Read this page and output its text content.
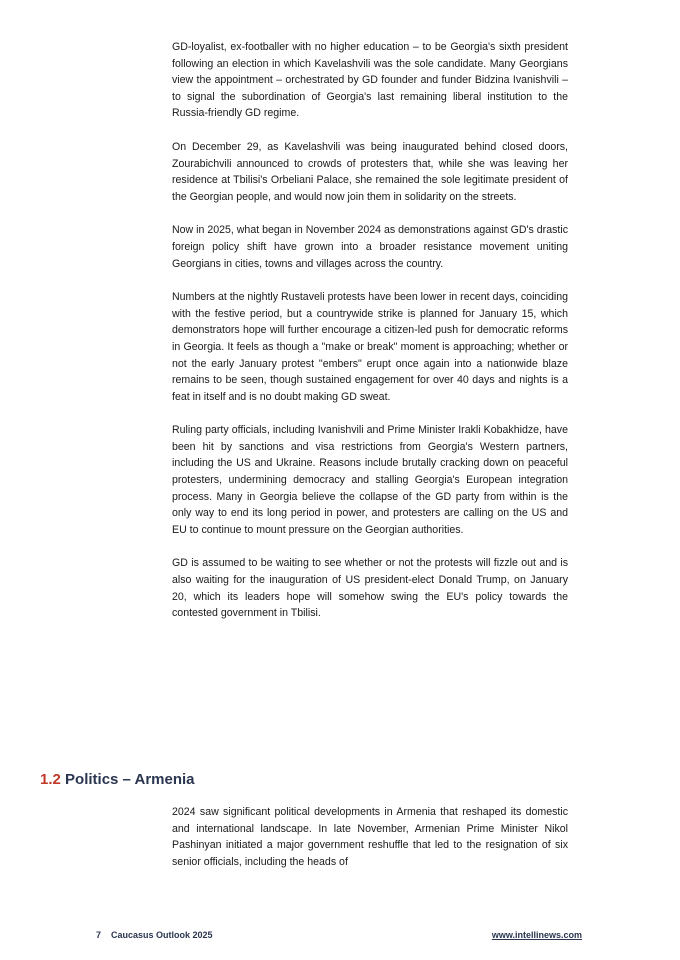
GD-loyalist, ex-footballer with no higher education – to be Georgia's sixth president following an election in which Kavelashvili was the sole candidate. Many Georgians view the appointment – orchestrated by GD founder and funder Bidzina Ivanishvili – to signal the subordination of Georgia's last remaining liberal institution to the Russia-friendly GD regime.

On December 29, as Kavelashvili was being inaugurated behind closed doors, Zourabichvili announced to crowds of protesters that, while she was leaving her residence at Tbilisi's Orbeliani Palace, she remained the sole legitimate president of the Georgian people, and would now join them in solidarity on the streets.

Now in 2025, what began in November 2024 as demonstrations against GD's drastic foreign policy shift have grown into a broader resistance movement uniting Georgians in cities, towns and villages across the country.

Numbers at the nightly Rustaveli protests have been lower in recent days, coinciding with the festive period, but a countrywide strike is planned for January 15, which demonstrators hope will further encourage a citizen-led push for democratic reforms in Georgia. It feels as though a "make or break" moment is approaching; whether or not the early January protest "embers" erupt once again into a nationwide blaze remains to be seen, though sustained engagement for over 40 days and nights is a feat in itself and is no doubt making GD sweat.

Ruling party officials, including Ivanishvili and Prime Minister Irakli Kobakhidze, have been hit by sanctions and visa restrictions from Georgia's Western partners, including the US and Ukraine. Reasons include brutally cracking down on peaceful protesters, undermining democracy and stalling Georgia's European integration process. Many in Georgia believe the collapse of the GD party from within is the only way to end its long period in power, and protesters are calling on the US and EU to continue to mount pressure on the Georgian authorities.

GD is assumed to be waiting to see whether or not the protests will fizzle out and is also waiting for the inauguration of US president-elect Donald Trump, on January 20, which its leaders hope will somehow swing the EU's policy towards the contested government in Tbilisi.

1.2 Politics – Armenia

2024 saw significant political developments in Armenia that reshaped its domestic and international landscape. In late November, Armenian Prime Minister Nikol Pashinyan initiated a major government reshuffle that led to the resignation of six senior officials, including the heads of

7 Caucasus Outlook 2025	www.intellinews.com
